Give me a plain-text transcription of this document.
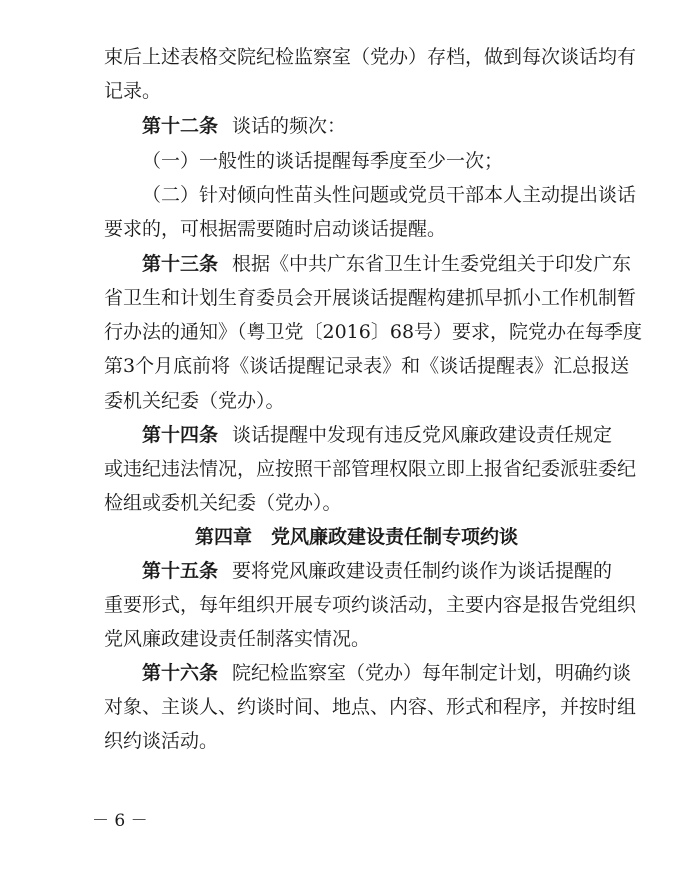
束后上述表格交院纪检监察室（党办）存档，做到每次谈话均有
记录。
第十二条 谈话的频次：
（一）一般性的谈话提醒每季度至少一次；
（二）针对倾向性苗头性问题或党员干部本人主动提出谈话
要求的，可根据需要随时启动谈话提醒。
第十三条 根据《中共广东省卫生计生委党组关于印发广东
省卫生和计划生育委员会开展谈话提醒构建抓早抓小工作机制暂
行办法的通知》（粤卫党〔2016〕68号）要求，院党办在每季度
第3个月底前将《谈话提醒记录表》和《谈话提醒表》汇总报送
委机关纪委（党办）。
第十四条 谈话提醒中发现有违反党风廉政建设责任规定
或违纪违法情况，应按照干部管理权限立即上报省纪委派驻委纪
检组或委机关纪委（党办）。
第四章　党风廉政建设责任制专项约谈
第十五条 要将党风廉政建设责任制约谈作为谈话提醒的
重要形式，每年组织开展专项约谈活动，主要内容是报告党组织
党风廉政建设责任制落实情况。
第十六条 院纪检监察室（党办）每年制定计划，明确约谈
对象、主谈人、约谈时间、地点、内容、形式和程序，并按时组
织约谈活动。
－ 6 －
